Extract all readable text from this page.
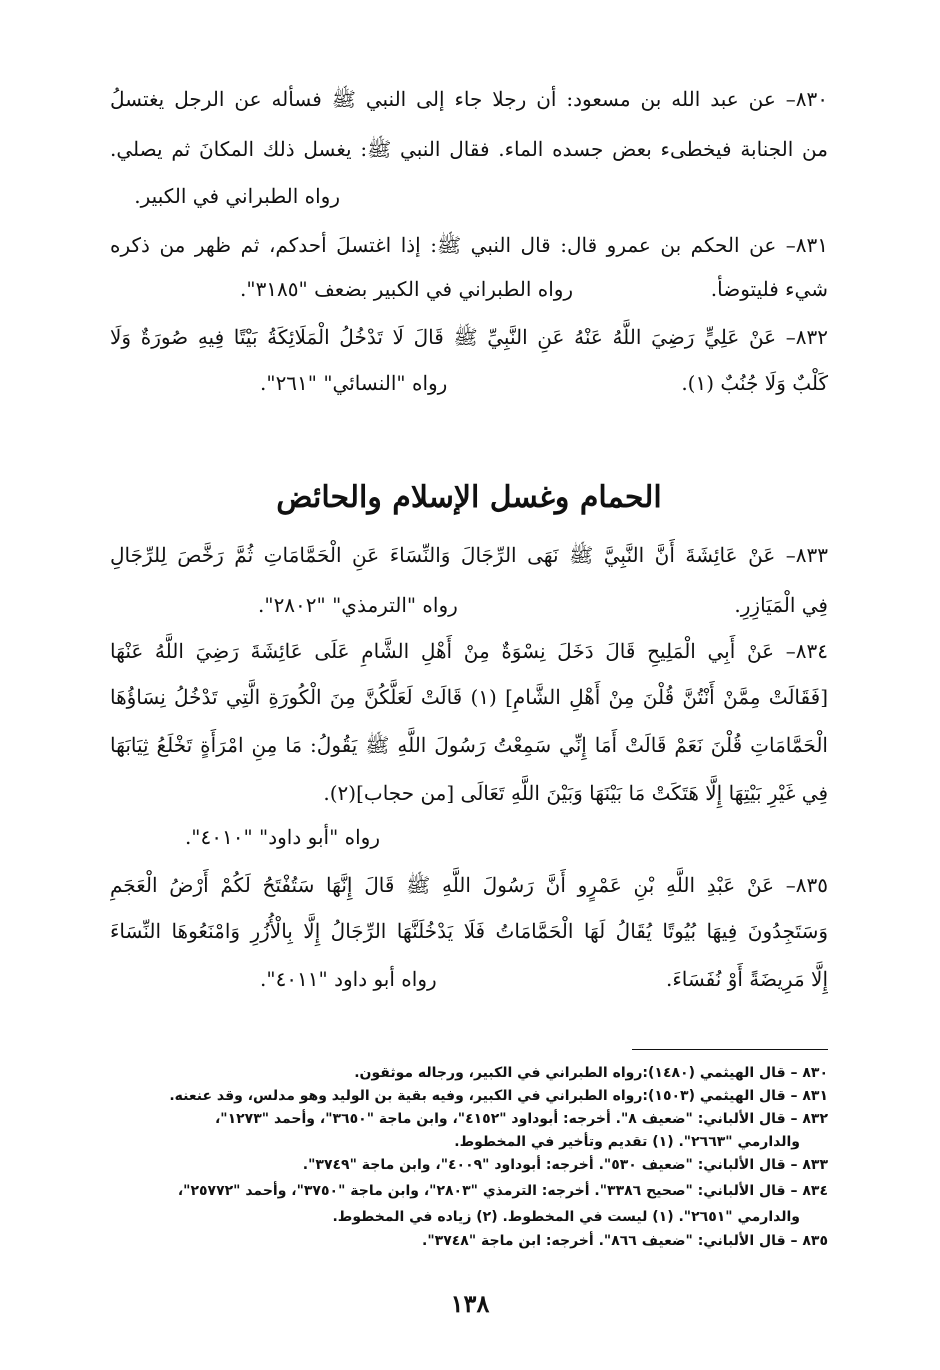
٨٣٠– عن عبد الله بن مسعود: أن رجلا جاء إلى النبي ﷺ فسأله عن الرجل يغتسلُ
من الجنابة فيخطىء بعض جسده الماء. فقال النبي ﷺ: يغسل ذلك المكانَ ثم يصلي.
رواه الطبراني في الكبير.
٨٣١– عن الحكم بن عمرو قال: قال النبي ﷺ: إذا اغتسلَ أحدكم، ثم ظهر من ذكره
شيء فليتوضأ.
رواه الطبراني في الكبير بضعف "٣١٨٥".
٨٣٢– عَنْ عَلِيٍّ رَضِيَ اللَّهُ عَنْهُ عَنِ النَّبِيِّ ﷺ قَالَ لَا تَدْخُلُ الْمَلَائِكَةُ بَيْتًا فِيهِ صُورَةٌ وَلَا
كَلْبٌ وَلَا جُنُبٌ (١).
رواه "النسائي" "٢٦١".
الحمام وغسل الإسلام والحائض
٨٣٣– عَنْ عَائِشَةَ أَنَّ النَّبِيَّ ﷺ نَهَى الرِّجَالَ وَالنِّسَاءَ عَنِ الْحَمَّامَاتِ ثُمَّ رَخَّصَ لِلرِّجَالِ
فِي الْمَيَازِرِ.
رواه "الترمذي" "٢٨٠٢".
٨٣٤– عَنْ أَبِي الْمَلِيحِ قَالَ دَخَلَ نِسْوَةٌ مِنْ أَهْلِ الشَّامِ عَلَى عَائِشَةَ رَضِيَ اللَّهُ عَنْهَا
[فَقَالَتْ مِمَّنْ أَنْتُنَّ قُلْنَ مِنْ أَهْلِ الشَّامِ] (١) قَالَتْ لَعَلَّكُنَّ مِنَ الْكُورَةِ الَّتِي تَدْخُلُ نِسَاؤُهَا
الْحَمَّامَاتِ قُلْنَ نَعَمْ قَالَتْ أَمَا إِنِّي سَمِعْتُ رَسُولَ اللَّهِ ﷺ يَقُولُ: مَا مِنِ امْرَأَةٍ تَخْلَعُ ثِيَابَهَا
فِي غَيْرِ بَيْتِهَا إِلَّا هَتَكَتْ مَا بَيْنَهَا وَبَيْنَ اللَّهِ تَعَالَى [من حجاب](٢).
رواه "أبو داود" "٤٠١٠".
٨٣٥– عَنْ عَبْدِ اللَّهِ بْنِ عَمْرٍو أَنَّ رَسُولَ اللَّهِ ﷺ قَالَ إِنَّهَا سَتُفْتَحُ لَكُمْ أَرْضُ الْعَجَمِ
وَسَتَجِدُونَ فِيهَا بُيُوتًا يُقَالُ لَهَا الْحَمَّامَاتُ فَلَا يَدْخُلَنَّهَا الرِّجَالُ إِلَّا بِالْأُزُرِ وَامْنَعُوهَا النِّسَاءَ
إِلَّا مَرِيضَةً أَوْ نُفَسَاءَ.
رواه أبو داود "٤٠١١".
٨٣٠ – قال الهيثمي (١٤٨٠):رواه الطبراني في الكبير، ورجاله موثقون.
٨٣١ – قال الهيثمي (١٥٠٣):رواه الطبراني في الكبير، وفيه بقية بن الوليد وهو مدلس، وقد عنعنه.
٨٣٢ – قال الألباني: "ضعيف ٨". أخرجه: أبوداود "٤١٥٢"، وابن ماجة "٣٦٥٠"، وأحمد "١٢٧٣"،
والدارمي "٢٦٦٣". (١) تقديم وتأخير في المخطوط.
٨٣٣ – قال الألباني: "ضعيف ٥٣٠". أخرجه: أبوداود "٤٠٠٩"، وابن ماجة "٣٧٤٩".
٨٣٤ – قال الألباني: "صحيح ٣٣٨٦". أخرجه: الترمذي "٢٨٠٣"، وابن ماجة "٣٧٥٠"، وأحمد "٢٥٧٧٢"،
والدارمي "٢٦٥١". (١) ليست في المخطوط. (٢) زياده في المخطوط.
٨٣٥ – قال الألباني: "ضعيف ٨٦٦". أخرجه: ابن ماجة "٣٧٤٨".
١٣٨
